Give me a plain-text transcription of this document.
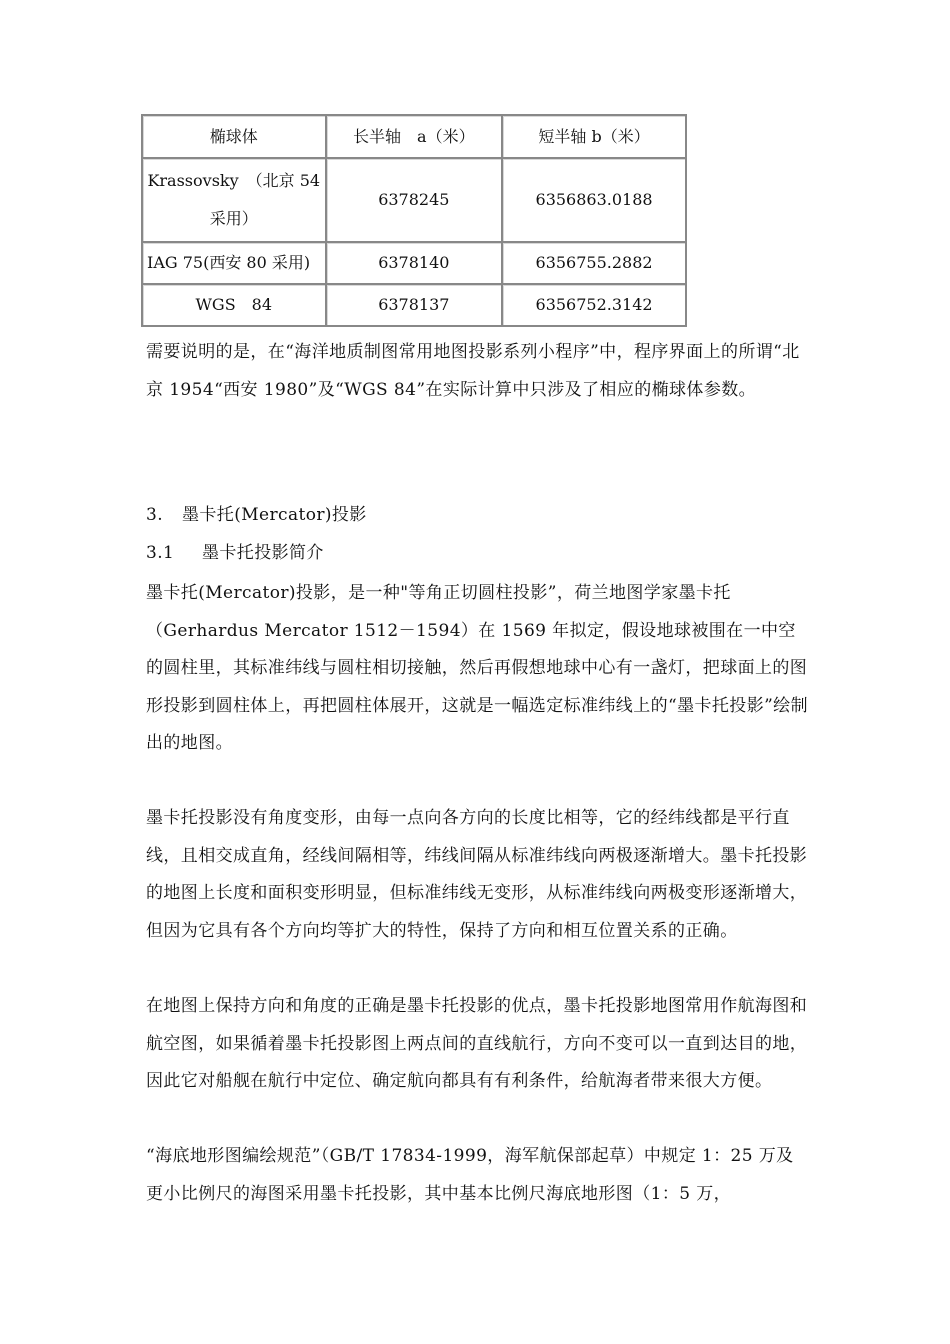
椭球体	长半轴　a（米）	短半轴 b（米）
Krassovsky　（北京 54 采用）	6378245	6356863.0188
IAG 75(西安 80 采用)	6378140	6356755.2882
WGS　84	6378137	6356752.3142

需要说明的是，在“海洋地质制图常用地图投影系列小程序”中，程序界面上的所谓“北京 1954“西安 1980”及“WGS 84”在实际计算中只涉及了相应的椭球体参数。

3. 墨卡托(Mercator)投影
3.1 墨卡托投影简介

墨卡托(Mercator)投影，是一种"等角正切圆柱投影”，荷兰地图学家墨卡托（Gerhardus Mercator 1512－1594）在 1569 年拟定，假设地球被围在一中空的圆柱里，其标准纬线与圆柱相切接触，然后再假想地球中心有一盏灯，把球面上的图形投影到圆柱体上，再把圆柱体展开，这就是一幅选定标准纬线上的“墨卡托投影”绘制出的地图。

墨卡托投影没有角度变形，由每一点向各方向的长度比相等，它的经纬线都是平行直线，且相交成直角，经线间隔相等，纬线间隔从标准纬线向两极逐渐增大。墨卡托投影的地图上长度和面积变形明显，但标准纬线无变形，从标准纬线向两极变形逐渐增大，但因为它具有各个方向均等扩大的特性，保持了方向和相互位置关系的正确。

在地图上保持方向和角度的正确是墨卡托投影的优点，墨卡托投影地图常用作航海图和航空图，如果循着墨卡托投影图上两点间的直线航行，方向不变可以一直到达目的地，因此它对船舰在航行中定位、确定航向都具有有利条件，给航海者带来很大方便。

“海底地形图编绘规范”（GB/T 17834-1999，海军航保部起草）中规定 1：25 万及更小比例尺的海图采用墨卡托投影，其中基本比例尺海底地形图（1：5 万，
